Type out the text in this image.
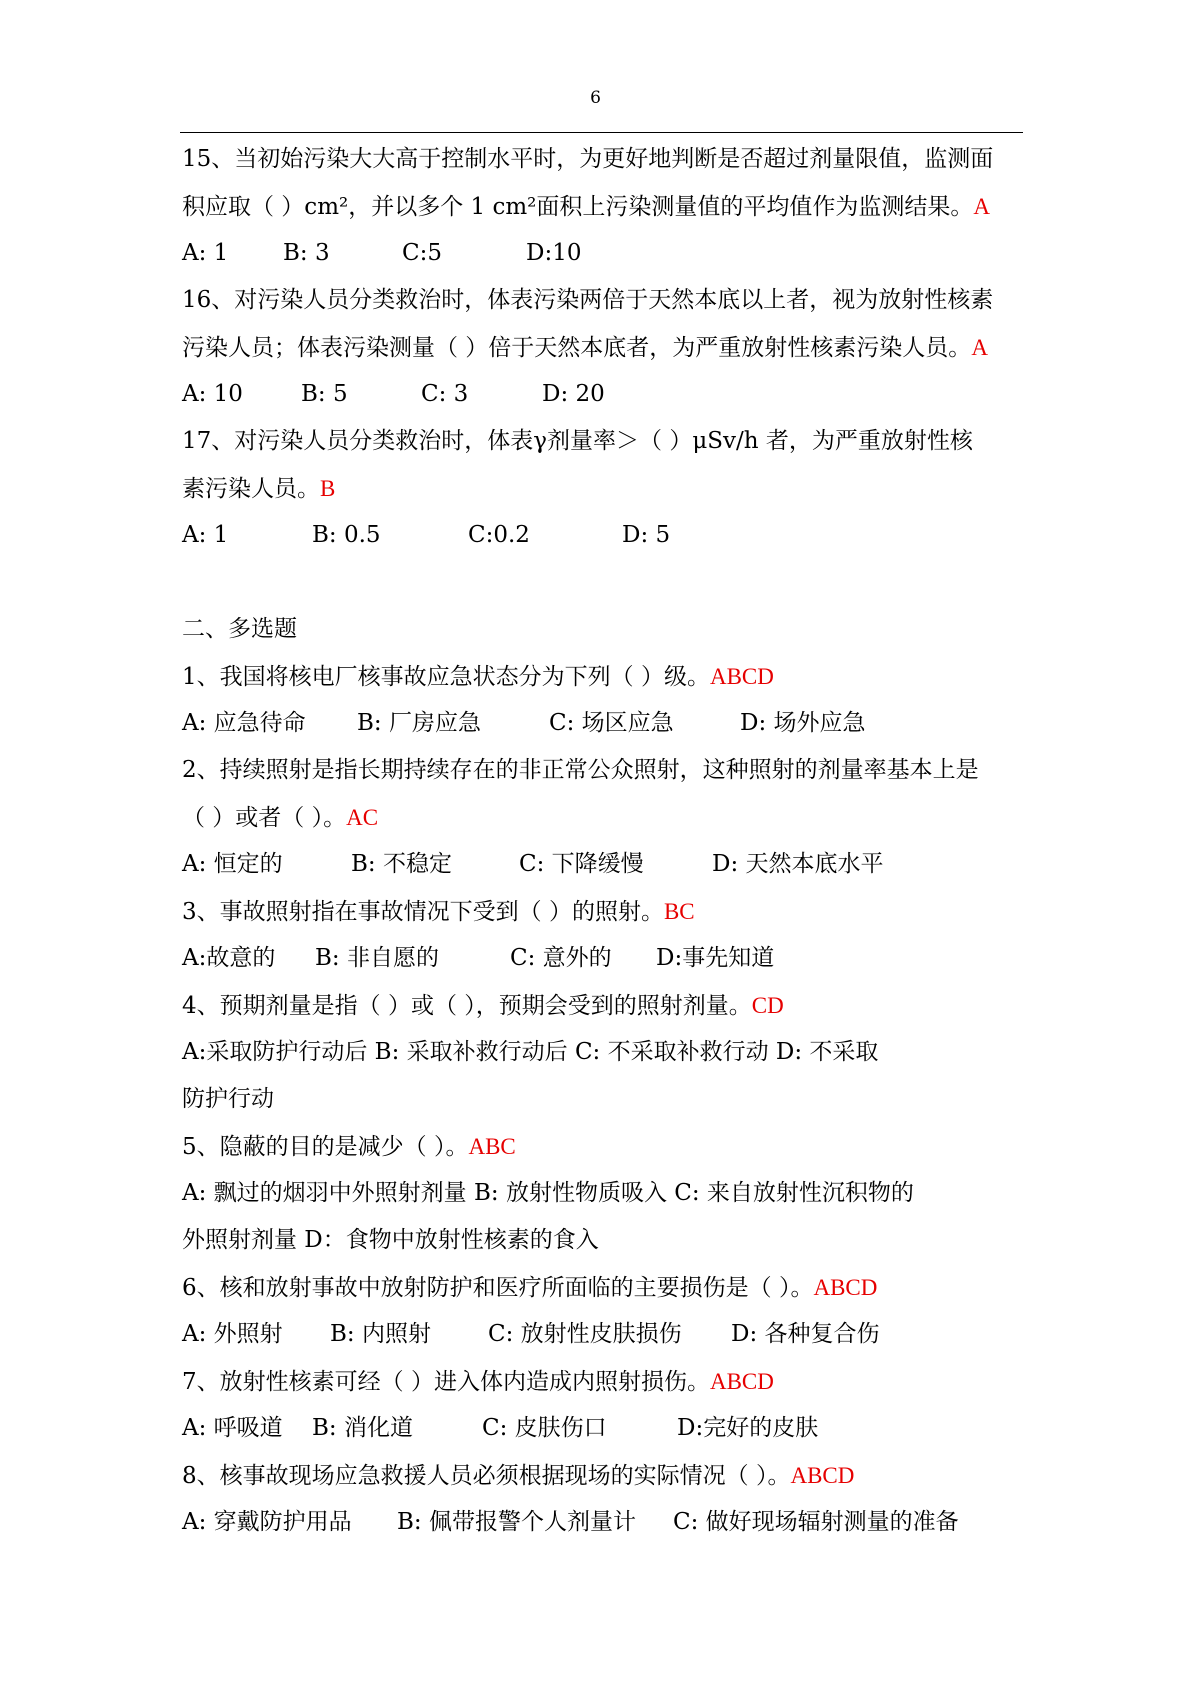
6
15、当初始污染大大高于控制水平时，为更好地判断是否超过剂量限值，监测面
积应取（ ）cm²，并以多个 1 cm²面积上污染测量值的平均值作为监测结果。A
A: 1 B: 3	C:5	D:10
16、对污染人员分类救治时，体表污染两倍于天然本底以上者，视为放射性核素
污染人员；体表污染测量（ ）倍于天然本底者，为严重放射性核素污染人员。A
A: 10	B: 5	C: 3	D: 20
17、对污染人员分类救治时，体表γ剂量率＞（ ）μSv/h 者，为严重放射性核
素污染人员。B
A: 1	B: 0.5	C:0.2	D: 5
二、多选题
1、我国将核电厂核事故应急状态分为下列（ ）级。ABCD
A: 应急待命 B: 厂房应急	C: 场区应急	D: 场外应急
2、持续照射是指长期持续存在的非正常公众照射，这种照射的剂量率基本上是
（ ）或者（ ）。AC
A: 恒定的	B: 不稳定	C: 下降缓慢	D: 天然本底水平
3、事故照射指在事故情况下受到（ ）的照射。BC
A:故意的 B: 非自愿的	C: 意外的 D:事先知道
4、预期剂量是指（ ）或（ ），预期会受到的照射剂量。CD
A:采取防护行动后 B: 采取补救行动后 C: 不采取补救行动 D: 不采取
防护行动
5、隐蔽的目的是减少（ ）。ABC
A: 飘过的烟羽中外照射剂量 B: 放射性物质吸入 C: 来自放射性沉积物的
外照射剂量 D：食物中放射性核素的食入
6、核和放射事故中放射防护和医疗所面临的主要损伤是（ ）。ABCD
A: 外照射 B: 内照射 C: 放射性皮肤损伤 D: 各种复合伤
7、放射性核素可经（ ）进入体内造成内照射损伤。ABCD
A: 呼吸道 B: 消化道	C: 皮肤伤口	D:完好的皮肤
8、核事故现场应急救援人员必须根据现场的实际情况（ ）。ABCD
A: 穿戴防护用品 B: 佩带报警个人剂量计 C: 做好现场辐射测量的准备
